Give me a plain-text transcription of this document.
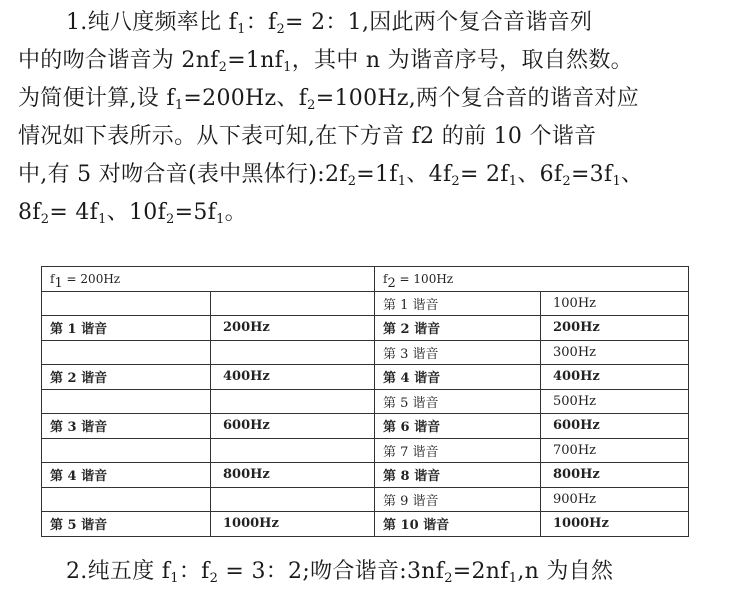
1.纯八度频率比 $f_1$：$f_2= 2$：1,因此两个复合音谐音列

中的吻合谐音为 $2nf_2=1nf_1$，其中 n 为谐音序号，取自然数。

为简便计算,设 $f_1=200Hz$、$f_2=100Hz$,两个复合音的谐音对应

情况如下表所示。从下表可知,在下方音 f2 的前 10 个谐音

中,有 5 对吻合音(表中黑体行)$:2f_2=1f_1$、$4f_2= 2f_1$、$6f_2=3f_1$、

$8f_2= 4f_1$、$10f_2=5f_1$。

$f_1 = 200Hz$		$f_2 = 100Hz$	
		第 1 谐音	100Hz
第 1 谐音	200Hz	第 2 谐音	200Hz
		第 3 谐音	300Hz
第 2 谐音	400Hz	第 4 谐音	400Hz
		第 5 谐音	500Hz
第 3 谐音	600Hz	第 6 谐音	600Hz
		第 7 谐音	700Hz
第 4 谐音	800Hz	第 8 谐音	800Hz
		第 9 谐音	900Hz
第 5 谐音	1000Hz	第 10 谐音	1000Hz

2.纯五度 $f_1$：$f_2 = 3$：2;吻合谐音$:3nf_2=2nf_1,n$ 为自然
